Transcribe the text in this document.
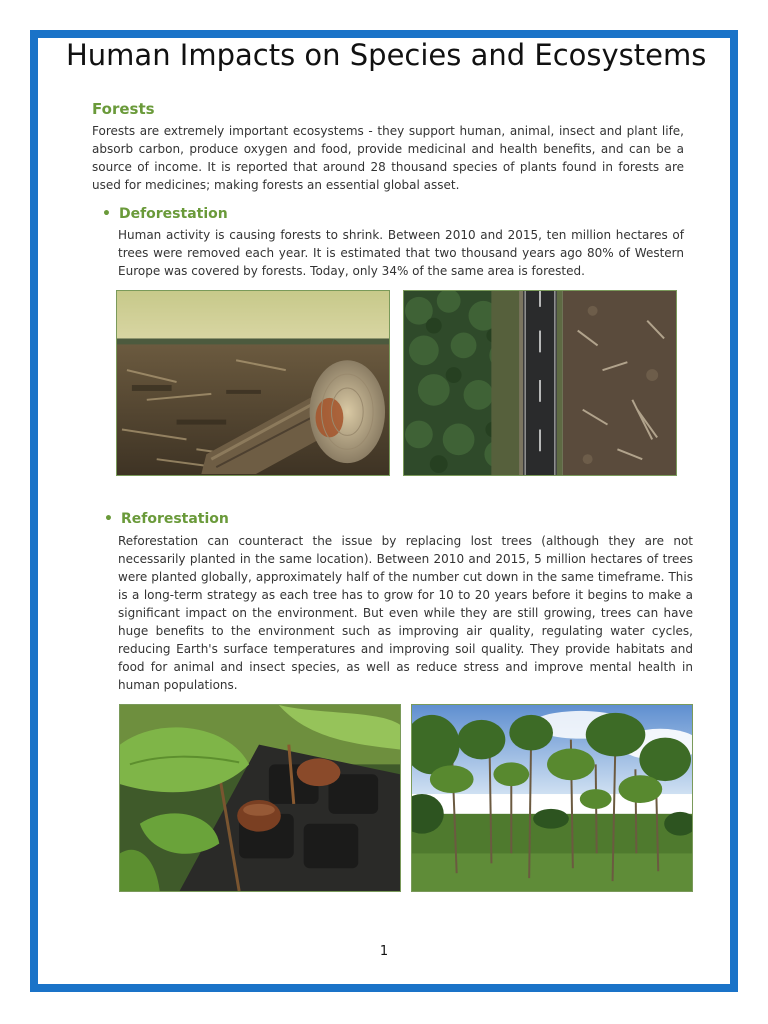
Human Impacts on Species and Ecosystems
Forests
Forests are extremely important ecosystems - they support human, animal, insect and plant life, absorb carbon, produce oxygen and food, provide medicinal and health benefits, and can be a source of income. It is reported that around 28 thousand species of plants found in forests are used for medicines; making forests an essential global asset.
• Deforestation
Human activity is causing forests to shrink. Between 2010 and 2015, ten million hectares of trees were removed each year. It is estimated that two thousand years ago 80% of Western Europe was covered by forests. Today, only 34% of the same area is forested.
• Reforestation
Reforestation can counteract the issue by replacing lost trees (although they are not necessarily planted in the same location). Between 2010 and 2015, 5 million hectares of trees were planted globally, approximately half of the number cut down in the same timeframe. This is a long-term strategy as each tree has to grow for 10 to 20 years before it begins to make a significant impact on the environment. But even while they are still growing, trees can have huge benefits to the environment such as improving air quality, regulating water cycles, reducing Earth's surface temperatures and improving soil quality. They provide habitats and food for animal and insect species, as well as reduce stress and improve mental health in human populations.
1
